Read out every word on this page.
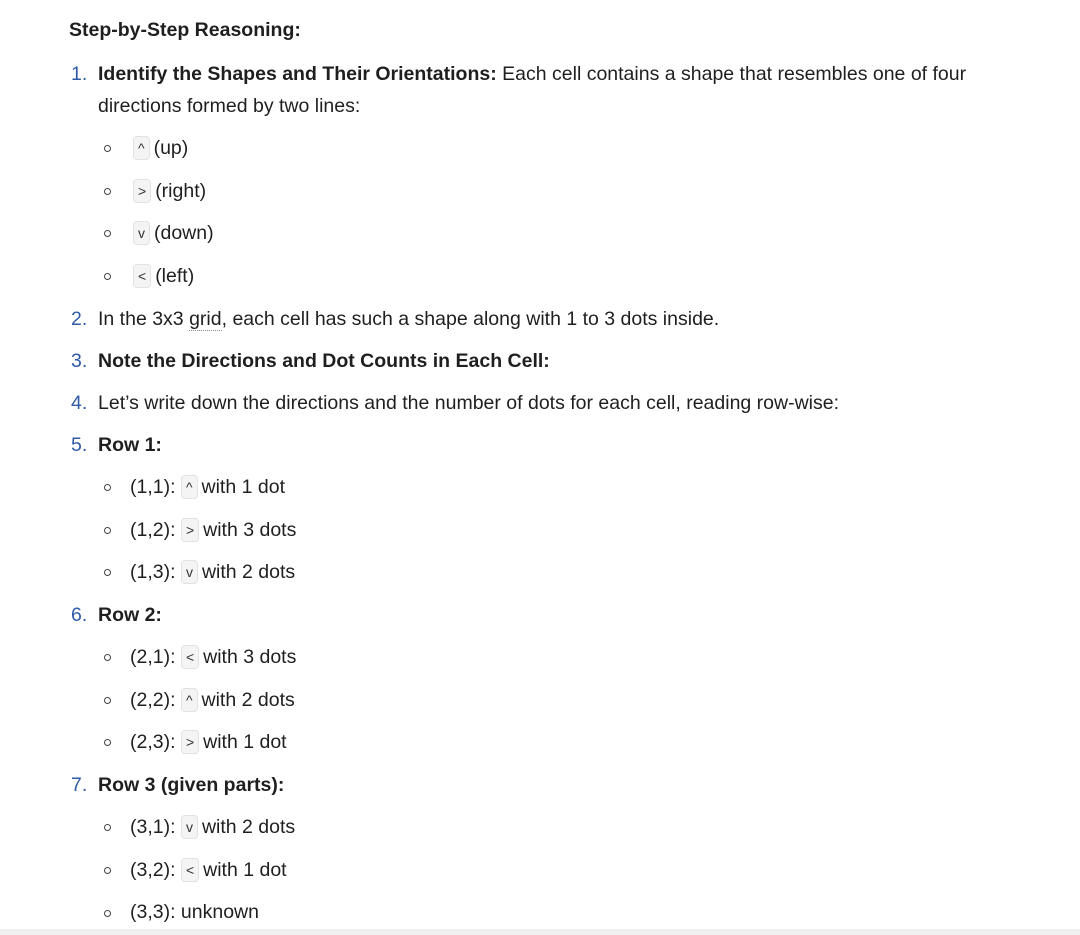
Step-by-Step Reasoning:
1. Identify the Shapes and Their Orientations: Each cell contains a shape that resembles one of four
directions formed by two lines:
^ (up)
> (right)
v (down)
< (left)
2. In the 3x3 grid, each cell has such a shape along with 1 to 3 dots inside.
3. Note the Directions and Dot Counts in Each Cell:
4. Let’s write down the directions and the number of dots for each cell, reading row-wise:
5. Row 1:
(1,1): ^ with 1 dot
(1,2): > with 3 dots
(1,3): v with 2 dots
6. Row 2:
(2,1): < with 3 dots
(2,2): ^ with 2 dots
(2,3): > with 1 dot
7. Row 3 (given parts):
(3,1): v with 2 dots
(3,2): < with 1 dot
(3,3): unknown
